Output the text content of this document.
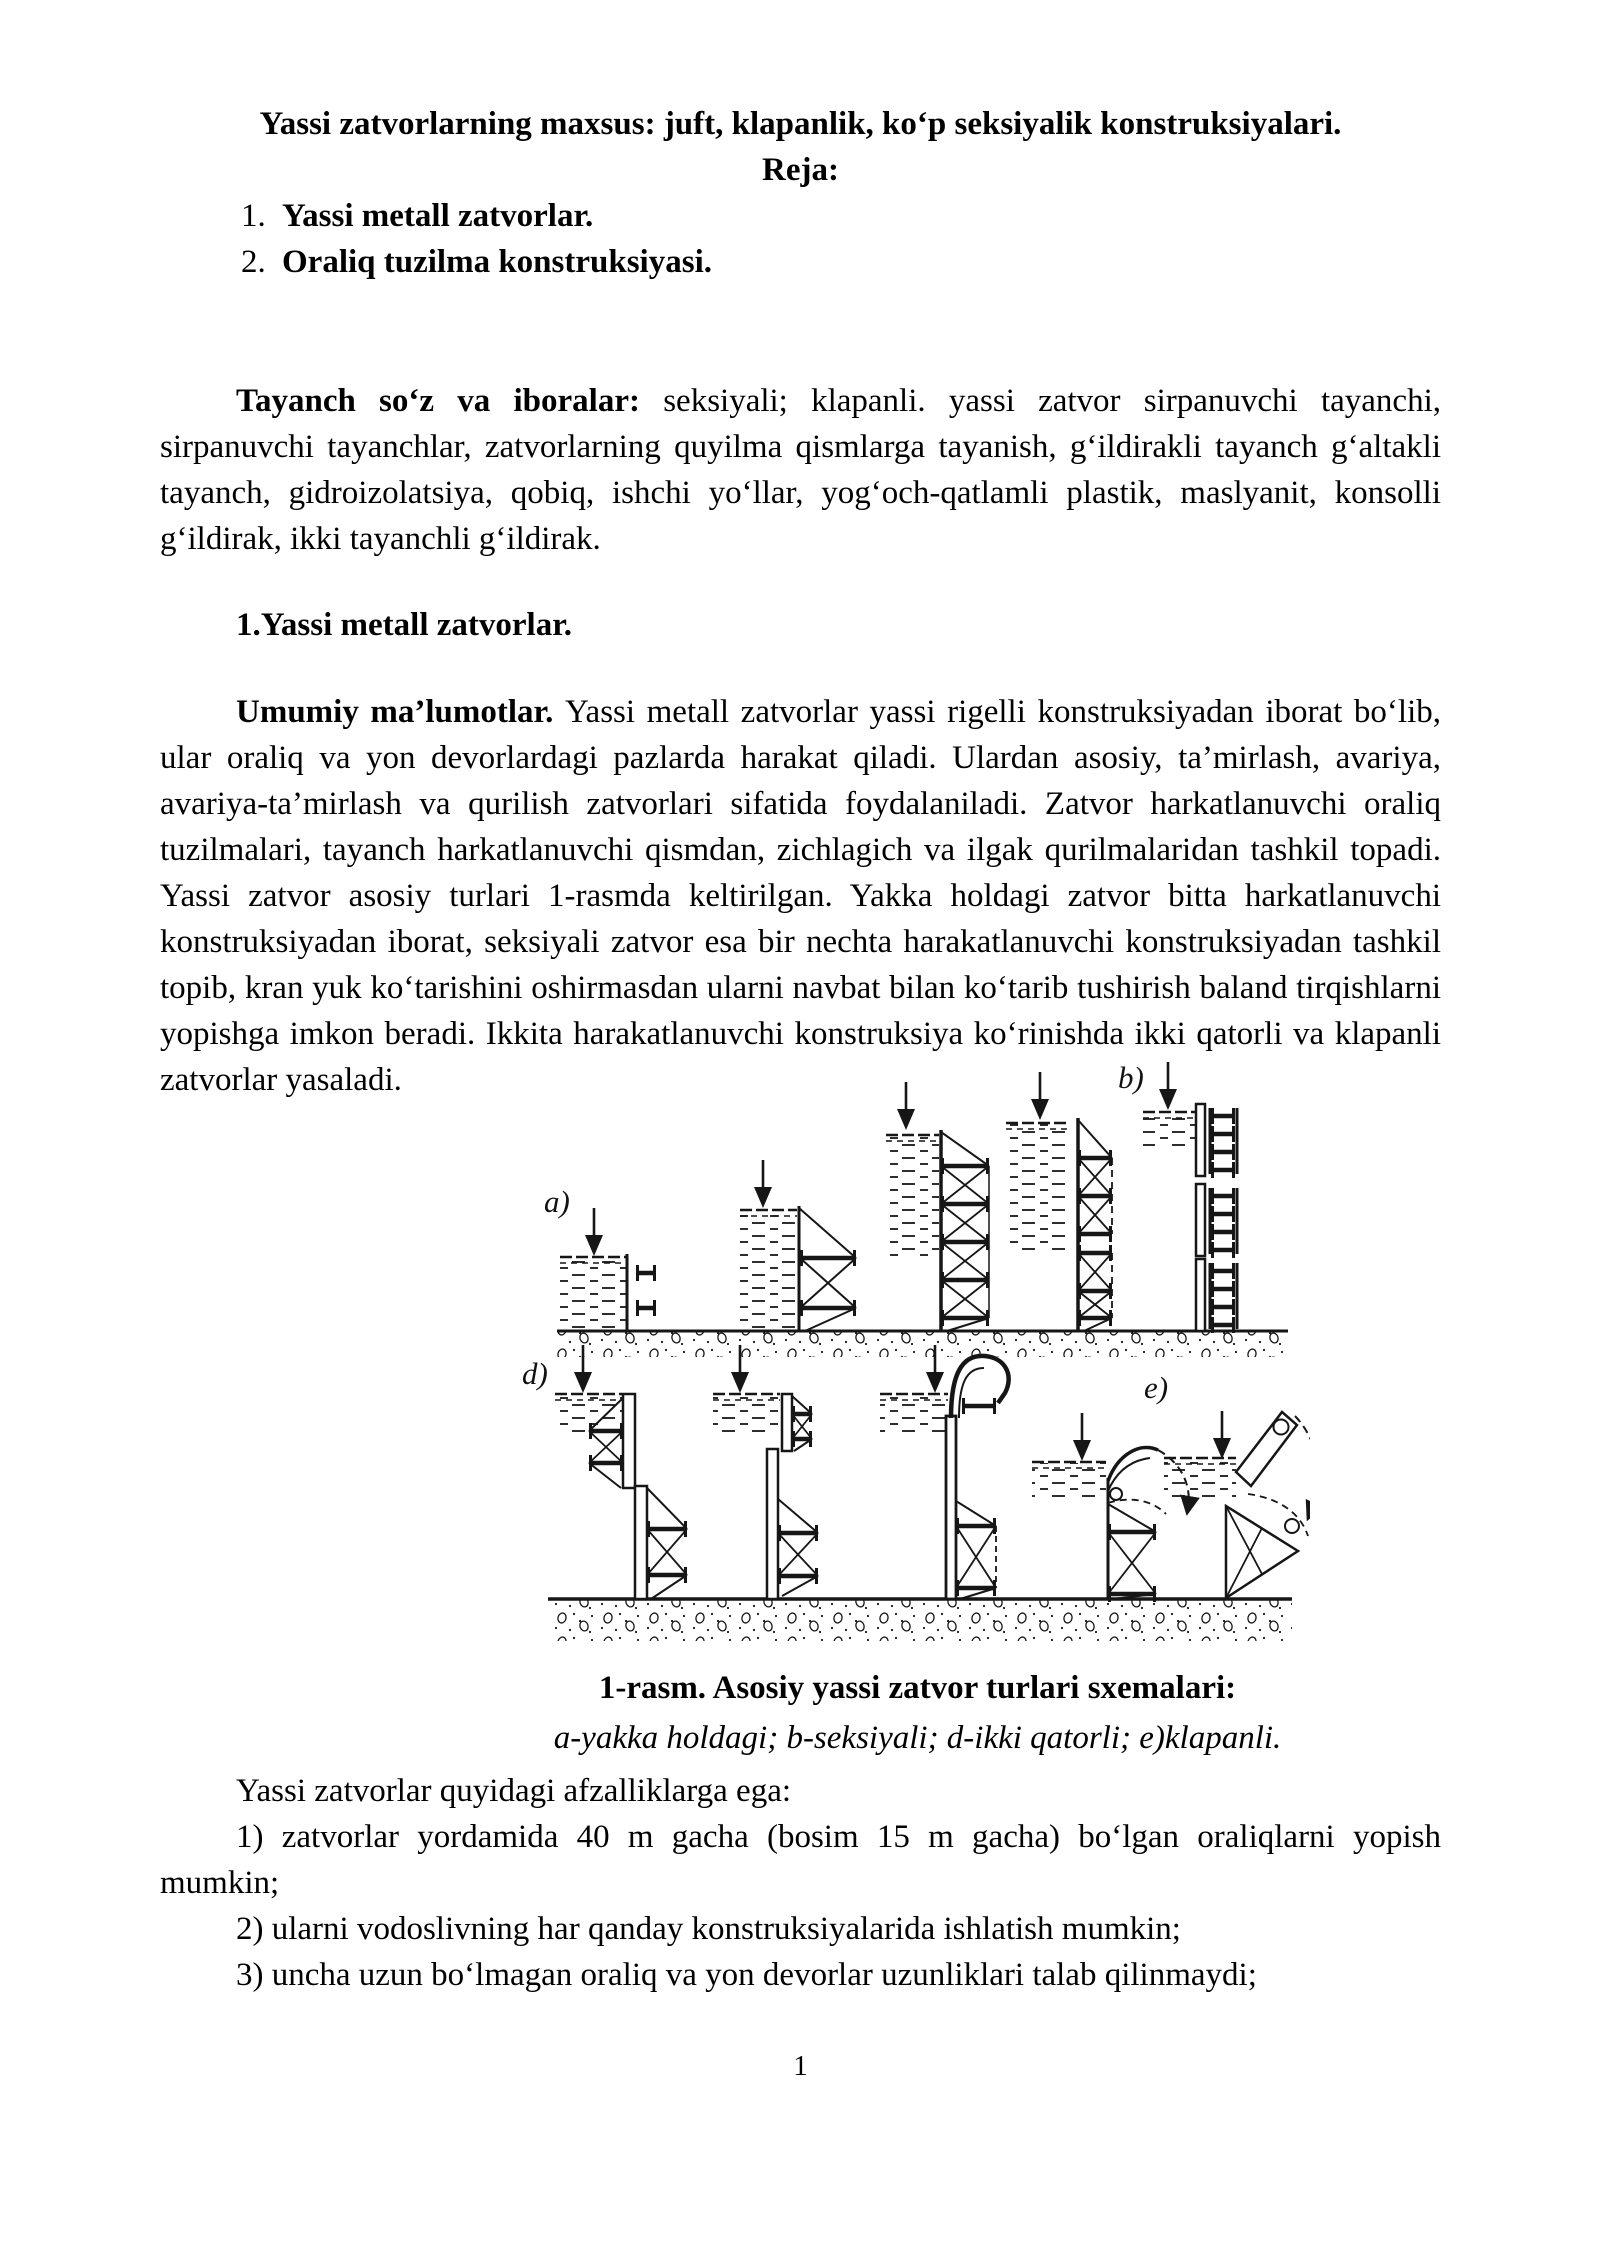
Yassi zatvorlarning maxsus: juft, klapanlik, ko‘p seksiyalik konstruksiyalari.

Reja:

1. Yassi metall zatvorlar.

2. Oraliq tuzilma konstruksiyasi.

Tayanch so‘z va iboralar: seksiyali; klapanli. yassi zatvor sirpanuvchi tayanchi, sirpanuvchi tayanchlar, zatvorlarning quyilma qismlarga tayanish, g‘ildirakli tayanch g‘altakli tayanch, gidroizolatsiya, qobiq, ishchi yo‘llar, yog‘och-qatlamli plastik, maslyanit, konsolli g‘ildirak, ikki tayanchli g‘ildirak.

1.Yassi metall zatvorlar.

Umumiy ma’lumotlar. Yassi metall zatvorlar yassi rigelli konstruksiyadan iborat bo‘lib, ular oraliq va yon devorlardagi pazlarda harakat qiladi. Ulardan asosiy, ta’mirlash, avariya, avariya-ta’mirlash va qurilish zatvorlari sifatida foydalaniladi. Zatvor harkatlanuvchi oraliq tuzilmalari, tayanch harkatlanuvchi qismdan, zichlagich va ilgak qurilmalaridan tashkil topadi. Yassi zatvor asosiy turlari 1-rasmda keltirilgan. Yakka holdagi zatvor bitta harkatlanuvchi konstruksiyadan iborat, seksiyali zatvor esa bir nechta harakatlanuvchi konstruksiyadan tashkil topib, kran yuk ko‘tarishini oshirmasdan ularni navbat bilan ko‘tarib tushirish baland tirqishlarni yopishga imkon beradi. Ikkita harakatlanuvchi konstruksiya ko‘rinishda ikki qatorli va klapanli zatvorlar yasaladi.

a)
b)
d)	e)

1-rasm. Asosiy yassi zatvor turlari sxemalari:

a-yakka holdagi; b-seksiyali; d-ikki qatorli; e)klapanli.

Yassi zatvorlar quyidagi afzalliklarga ega:

1) zatvorlar yordamida 40 m gacha (bosim 15 m gacha) bo‘lgan oraliqlarni yopish mumkin;

2) ularni vodoslivning har qanday konstruksiyalarida ishlatish mumkin;

3) uncha uzun bo‘lmagan oraliq va yon devorlar uzunliklari talab qilinmaydi;

1
